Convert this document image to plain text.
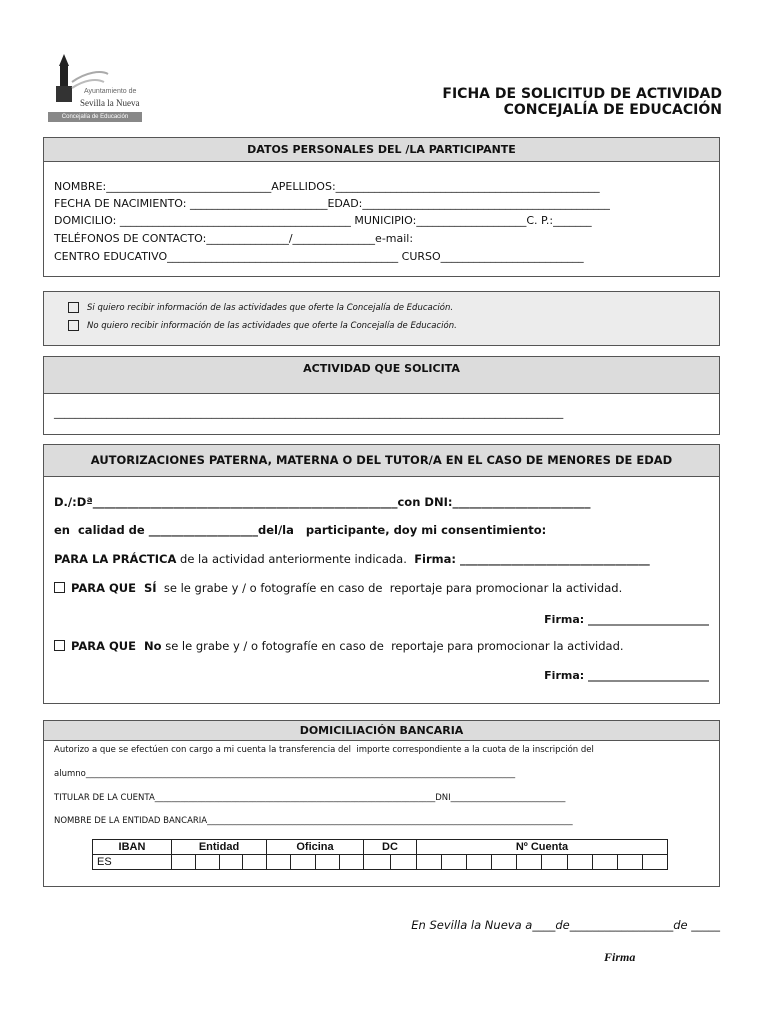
Ayuntamiento de
Sevilla la Nueva
Concejalía de Educación
FICHA DE SOLICITUD DE ACTIVIDAD
CONCEJALÍA DE EDUCACIÓN
DATOS PERSONALES DEL /LA PARTICIPANTE
NOMBRE:______________________________APELLIDOS:________________________________________________
FECHA DE NACIMIENTO: _________________________EDAD:_____________________________________________
DOMICILIO: __________________________________________ MUNICIPIO:____________________C. P.:_______
TELÉFONOS DE CONTACTO:_______________/_______________e-mail:
CENTRO EDUCATIVO__________________________________________ CURSO__________________________
Si quiero recibir información de las actividades que oferte la Concejalía de Educación.
No quiero recibir información de las actividades que oferte la Concejalía de Educación.
ACTIVIDAD QUE SOLICITA
_________________________________________________________________________________________________
AUTORIZACIONES PATERNA, MATERNA O DEL TUTOR/A EN EL CASO DE MENORES DE EDAD
D./:Dª_____________________________________________________con DNI:________________________
en  calidad de ___________________del/la   participante, doy mi consentimiento:
PARA LA PRÁCTICA de la actividad anteriormente indicada.  Firma: _________________________________
PARA QUE  SÍ  se le grabe y / o fotografíe en caso de  reportaje para promocionar la actividad.
Firma: ______________________
PARA QUE  No se le grabe y / o fotografíe en caso de  reportaje para promocionar la actividad.
Firma: ______________________
DOMICILIACIÓN BANCARIA
Autorizo a que se efectúen con cargo a mi cuenta la transferencia del  importe correspondiente a la cuota de la inscripción del
alumno_____________________________________________________________________________________________________
TITULAR DE LA CUENTA__________________________________________________________________DNI___________________________
NOMBRE DE LA ENTIDAD BANCARIA______________________________________________________________________________________
IBAN	Entidad				Oficina				DC		Nº Cuenta									
ES																				
En Sevilla la Nueva a____de__________________de _____
Firma
